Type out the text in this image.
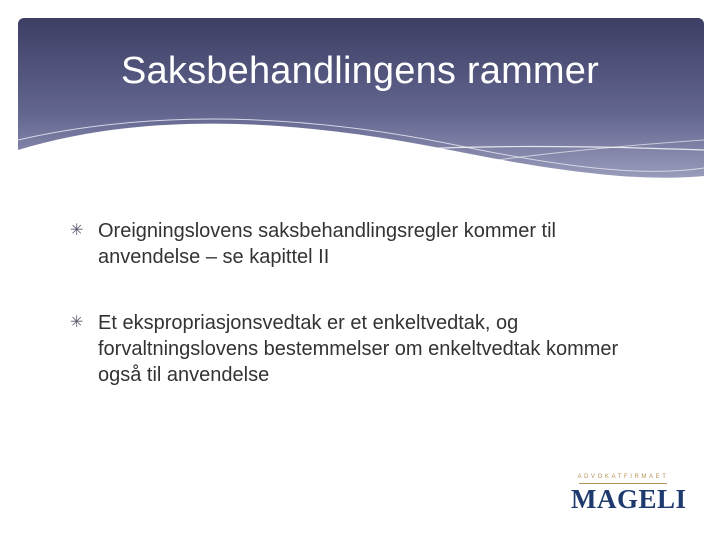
Saksbehandlingens rammer
✳ Oreigningslovens saksbehandlingsregler kommer til anvendelse – se kapittel II
✳ Et ekspropriasjonsvedtak er et enkeltvedtak, og forvaltningslovens bestemmelser om enkeltvedtak kommer også til anvendelse
ADVOKATFIRMAET
MAGELI
